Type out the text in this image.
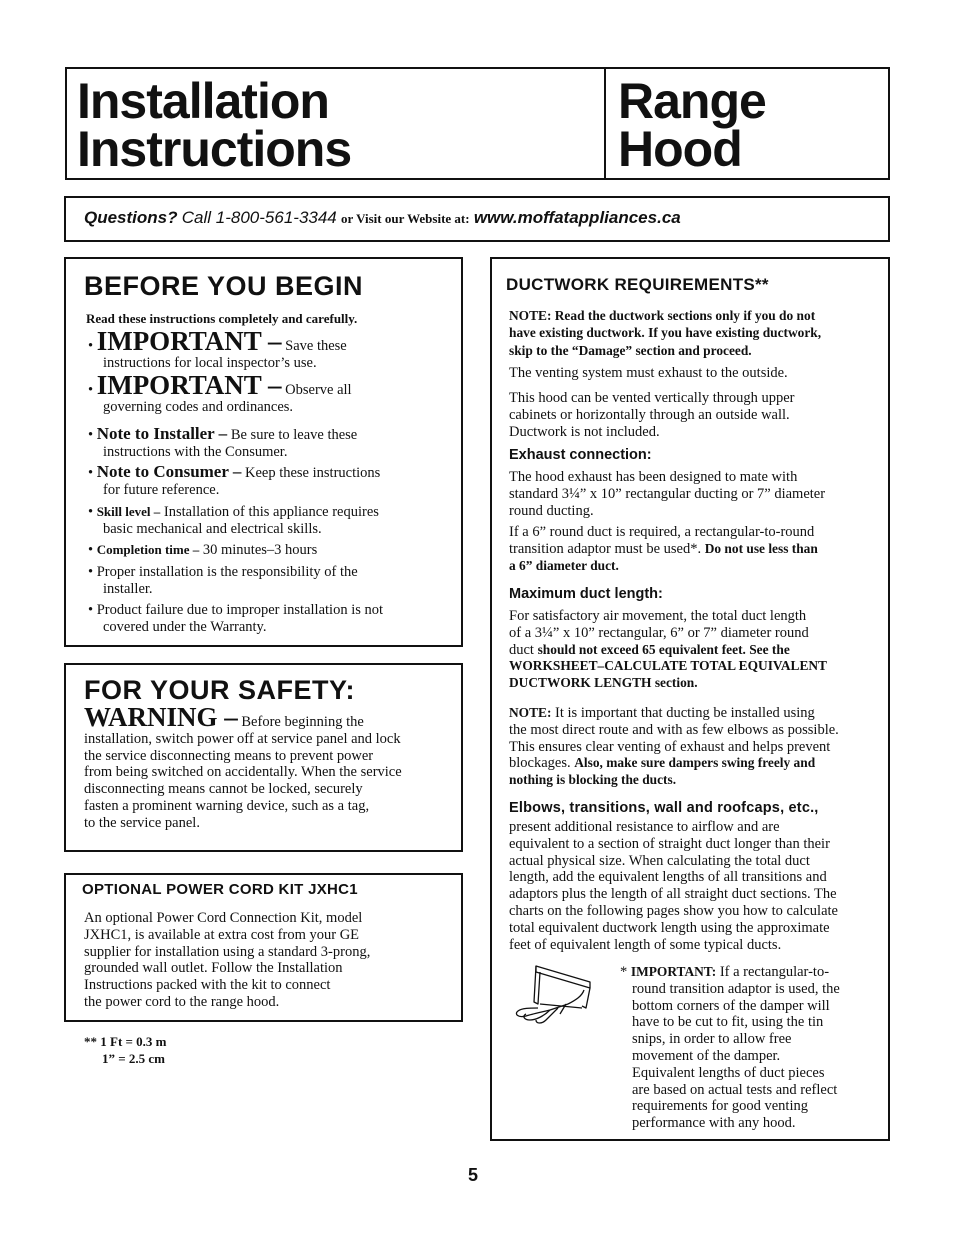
Installation
Instructions
Range Hood
Questions? Call 1-800-561-3344 or Visit our Website at: www.moffatappliances.ca
BEFORE YOU BEGIN
Read these instructions completely and carefully.
• IMPORTANT – Save these
instructions for local inspector’s use.
• IMPORTANT – Observe all
governing codes and ordinances.
• Note to Installer – Be sure to leave these
instructions with the Consumer.
• Note to Consumer – Keep these instructions
for future reference.
• Skill level – Installation of this appliance requires
basic mechanical and electrical skills.
• Completion time – 30 minutes–3 hours
• Proper installation is the responsibility of the
installer.
• Product failure due to improper installation is not
covered under the Warranty.
FOR YOUR SAFETY:
WARNING – Before beginning the
installation, switch power off at service panel and lock
the service disconnecting means to prevent power
from being switched on accidentally. When the service
disconnecting means cannot be locked, securely
fasten a prominent warning device, such as a tag,
to the service panel.
OPTIONAL POWER CORD KIT JXHC1
An optional Power Cord Connection Kit, model
JXHC1, is available at extra cost from your GE
supplier for installation using a standard 3-prong,
grounded wall outlet. Follow the Installation
Instructions packed with the kit to connect
the power cord to the range hood.
** 1 Ft = 0.3 m
1” = 2.5 cm
DUCTWORK REQUIREMENTS**
NOTE: Read the ductwork sections only if you do not
have existing ductwork. If you have existing ductwork,
skip to the “Damage” section and proceed.
The venting system must exhaust to the outside.
This hood can be vented vertically through upper
cabinets or horizontally through an outside wall.
Ductwork is not included.
Exhaust connection:
The hood exhaust has been designed to mate with
standard 3¼” x 10” rectangular ducting or 7” diameter
round ducting.
If a 6” round duct is required, a rectangular-to-round
transition adaptor must be used*. Do not use less than
a 6” diameter duct.
Maximum duct length:
For satisfactory air movement, the total duct length
of a 3¼” x 10” rectangular, 6” or 7” diameter round
duct should not exceed 65 equivalent feet. See the
WORKSHEET–CALCULATE TOTAL EQUIVALENT
DUCTWORK LENGTH section.
NOTE: It is important that ducting be installed using
the most direct route and with as few elbows as possible.
This ensures clear venting of exhaust and helps prevent
blockages. Also, make sure dampers swing freely and
nothing is blocking the ducts.
Elbows, transitions, wall and roofcaps, etc.,
present additional resistance to airflow and are
equivalent to a section of straight duct longer than their
actual physical size. When calculating the total duct
length, add the equivalent lengths of all transitions and
adaptors plus the length of all straight duct sections. The
charts on the following pages show you how to calculate
total equivalent ductwork length using the approximate
feet of equivalent length of some typical ducts.
* IMPORTANT: If a rectangular-to-
round transition adaptor is used, the
bottom corners of the damper will
have to be cut to fit, using the tin
snips, in order to allow free
movement of the damper.
Equivalent lengths of duct pieces
are based on actual tests and reflect
requirements for good venting
performance with any hood.
5
